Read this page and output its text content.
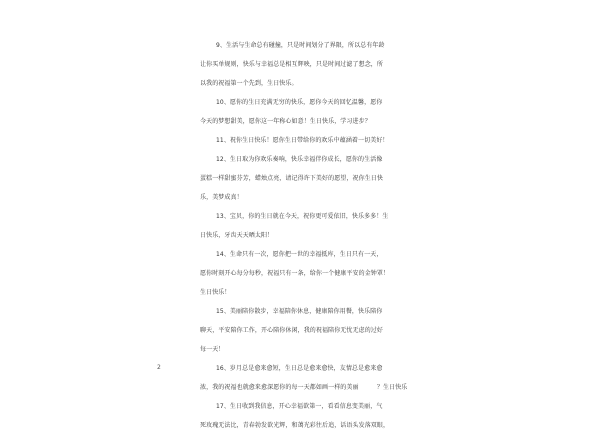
9、生活与生命总有碰撞，只是时间划分了界限，所以总有年龄
让你买单规则，快乐与幸福总是相互辉映，只是时间过滤了想念，所
以我的祝福第一个先到，生日快乐。
10、愿你的生日充满无穷的快乐，愿你今天的回忆温馨，愿你
今天的梦想甜美，愿你这一年称心如意！生日快乐，学习进步？
11、祝你生日快乐！愿你生日带给你的欢乐中蕴涵着一切美好！
12、生日取为你欢乐奏响，快乐幸福伴你成长，愿你的生活像
蛋糕一样甜蜜芬芳，蜡烛点亮，请记得许下美好的愿望，祝你生日快
乐，美梦成真！
13、宝贝，你的生日就在今天，祝你更可爱依旧，快乐多多！生
日快乐，牙齿天天晒太阳！
14、生命只有一次，愿你把一世的幸福抵库，生日只有一天，
愿你时刻开心每分每秒，祝福只有一条，给你一个健康平安的金钟罩！
生日快乐！
15、美丽陪你散步，幸福陪你休息，健康陪你用餐，快乐陪你
聊天，平安陪你工作，开心陪你休闲，我的祝福陪你无忧无虑的过好
每一天！
16、岁月总是愈来愈短，生日总是愈来愈快，友情总是愈来愈
浓，我的祝福也就愈来愈深愿你的每一天都如画一样的美丽　　　？生日快乐
17、生日收到我信息，开心幸福欲第一，看看信息变美丽，气
死玫瑰无法比，青春勃发欲光辉，和蔼光彩往后追，话语头发落双眼，
2
